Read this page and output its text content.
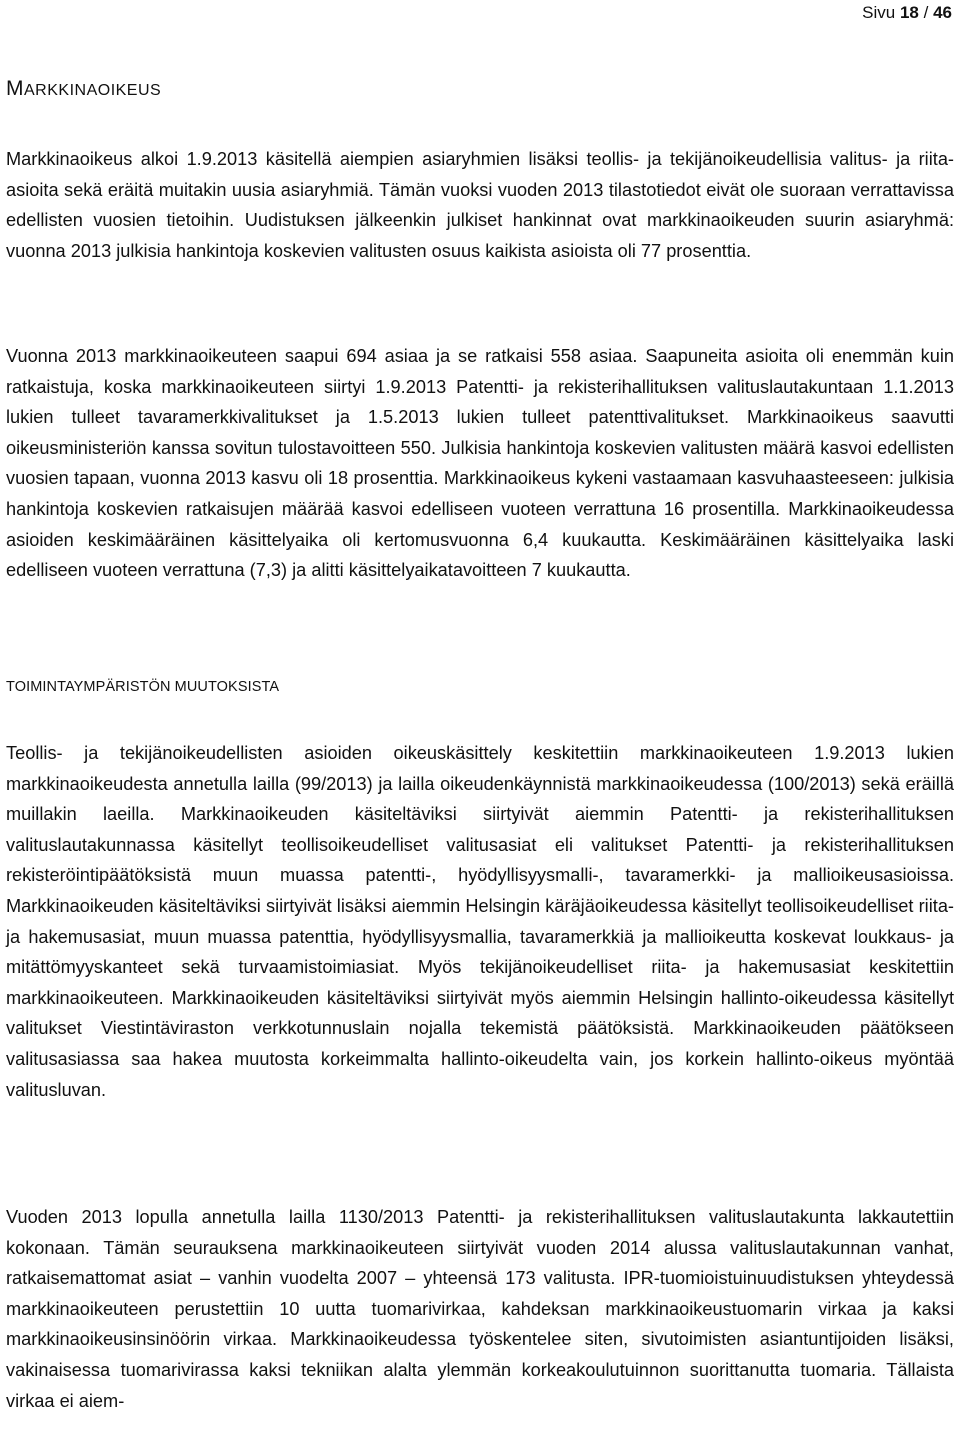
Sivu 18 / 46
MARKKINAOIKEUS

Markkinaoikeus alkoi 1.9.2013 käsitellä aiempien asiaryhmien lisäksi teollis- ja tekijänoikeudellisia valitus- ja riita-asioita sekä eräitä muitakin uusia asiaryhmiä. Tämän vuoksi vuoden 2013 tilastotiedot eivät ole suoraan verrattavissa edellisten vuosien tietoihin. Uudistuksen jälkeenkin julkiset hankinnat ovat markkinaoikeuden suurin asiaryhmä: vuonna 2013 julkisia hankintoja koskevien valitusten osuus kaikista asioista oli 77 prosenttia.

Vuonna 2013 markkinaoikeuteen saapui 694 asiaa ja se ratkaisi 558 asiaa. Saapuneita asioita oli enemmän kuin ratkaistuja, koska markkinaoikeuteen siirtyi 1.9.2013 Patentti- ja rekisterihallituksen valituslautakuntaan 1.1.2013 lukien tulleet tavaramerkkivalitukset ja 1.5.2013 lukien tulleet patenttivalitukset. Markkinaoikeus saavutti oikeusministeriön kanssa sovitun tulostavoitteen 550. Julkisia hankintoja koskevien valitusten määrä kasvoi edellisten vuosien tapaan, vuonna 2013 kasvu oli 18 prosenttia. Markkinaoikeus kykeni vastaamaan kasvuhaasteeseen: julkisia hankintoja koskevien ratkaisujen määrää kasvoi edelliseen vuoteen verrattuna 16 prosentilla. Markkinaoikeudessa asioiden keskimääräinen käsittelyaika oli kertomusvuonna 6,4 kuukautta. Keskimääräinen käsittelyaika laski edelliseen vuoteen verrattuna (7,3) ja alitti käsittelyaikatavoitteen 7 kuukautta.

TOIMINTAYMPÄRISTÖN MUUTOKSISTA

Teollis- ja tekijänoikeudellisten asioiden oikeuskäsittely keskitettiin markkinaoikeuteen 1.9.2013 lukien markkinaoikeudesta annetulla lailla (99/2013) ja lailla oikeudenkäynnistä markkinaoikeudessa (100/2013) sekä eräillä muillakin laeilla. Markkinaoikeuden käsiteltäviksi siirtyivät aiemmin Patentti- ja rekisterihallituksen valituslautakunnassa käsitellyt teollisoikeudelliset valitusasiat eli valitukset Patentti- ja rekisterihallituksen rekisteröintipäätöksistä muun muassa patentti-, hyödyllisyysmalli-, tavaramerkki- ja mallioikeusasioissa. Markkinaoikeuden käsiteltäviksi siirtyivät lisäksi aiemmin Helsingin käräjäoikeudessa käsitellyt teollisoikeudelliset riita- ja hakemusasiat, muun muassa patenttia, hyödyllisyysmallia, tavaramerkkiä ja mallioikeutta koskevat loukkaus- ja mitättömyyskanteet sekä turvaamistoimiasiat. Myös tekijänoikeudelliset riita- ja hakemusasiat keskitettiin markkinaoikeuteen. Markkinaoikeuden käsiteltäviksi siirtyivät myös aiemmin Helsingin hallinto-oikeudessa käsitellyt valitukset Viestintäviraston verkkotunnuslain nojalla tekemistä päätöksistä. Markkinaoikeuden päätökseen valitusasiassa saa hakea muutosta korkeimmalta hallinto-oikeudelta vain, jos korkein hallinto-oikeus myöntää valitusluvan.

Vuoden 2013 lopulla annetulla lailla 1130/2013 Patentti- ja rekisterihallituksen valituslautakunta lakkautettiin kokonaan. Tämän seurauksena markkinaoikeuteen siirtyivät vuoden 2014 alussa valituslautakunnan vanhat, ratkaisemattomat asiat – vanhin vuodelta 2007 – yhteensä 173 valitusta. IPR-tuomioistuinuudistuksen yhteydessä markkinaoikeuteen perustettiin 10 uutta tuomarivirkaa, kahdeksan markkinaoikeustuomarin virkaa ja kaksi markkinaoikeusinsinöörin virkaa. Markkinaoikeudessa työskentelee siten, sivutoimisten asiantuntijoiden lisäksi, vakinaisessa tuomarivirassa kaksi tekniikan alalta ylemmän korkeakoulutuinnon suorittanutta tuomaria. Tällaista virkaa ei aiem-
